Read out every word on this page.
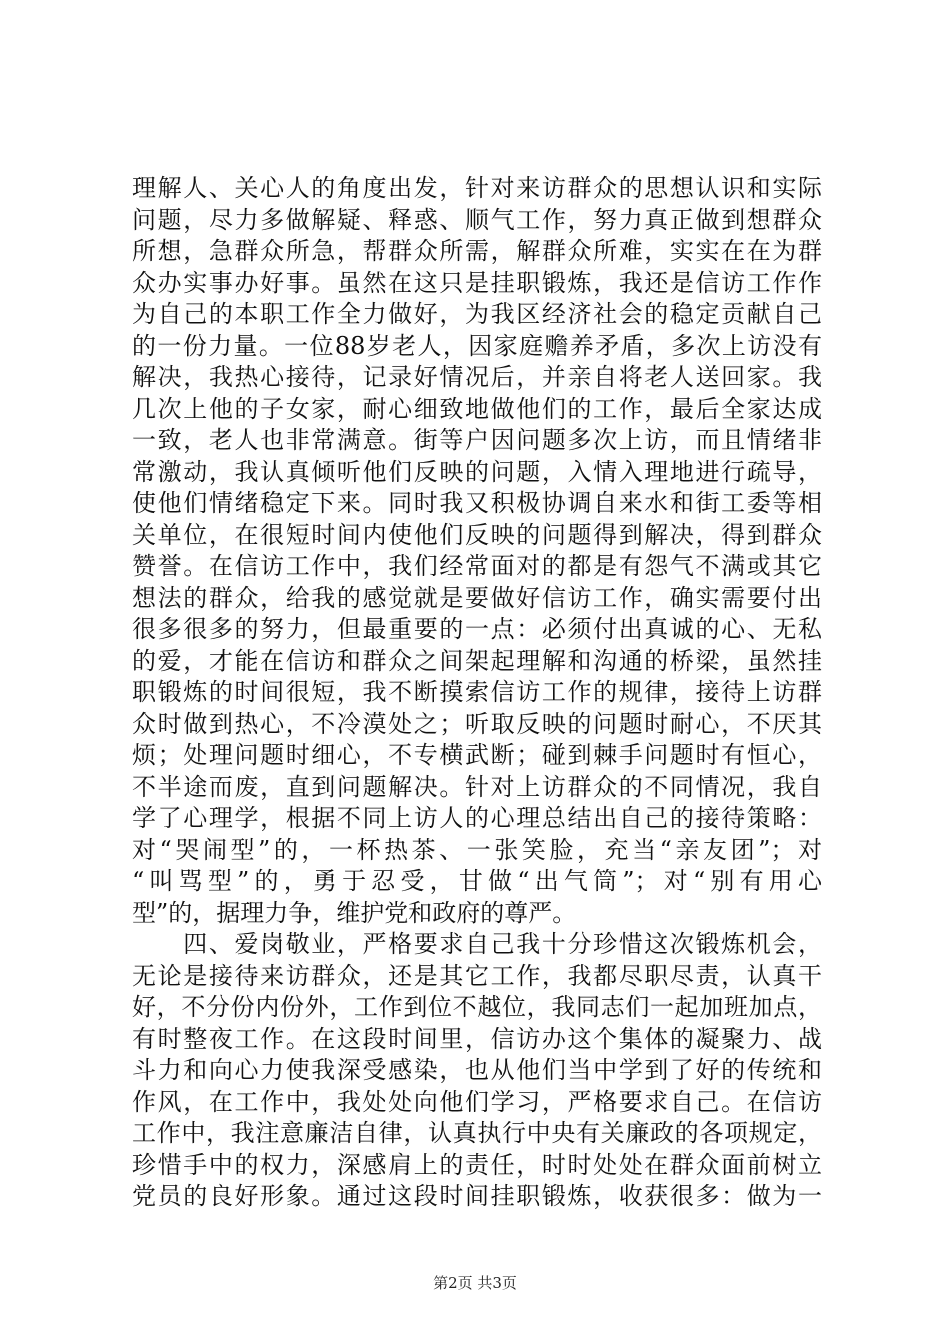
理解人、关心人的角度出发，针对来访群众的思想认识和实际
问题，尽力多做解疑、释惑、顺气工作，努力真正做到想群众
所想，急群众所急，帮群众所需，解群众所难，实实在在为群
众办实事办好事。虽然在这只是挂职锻炼，我还是信访工作作
为自己的本职工作全力做好，为我区经济社会的稳定贡献自己
的一份力量。一位88岁老人，因家庭赡养矛盾，多次上访没有
解决，我热心接待，记录好情况后，并亲自将老人送回家。我
几次上他的子女家，耐心细致地做他们的工作，最后全家达成
一致，老人也非常满意。街等户因问题多次上访，而且情绪非
常激动，我认真倾听他们反映的问题，入情入理地进行疏导，
使他们情绪稳定下来。同时我又积极协调自来水和街工委等相
关单位，在很短时间内使他们反映的问题得到解决，得到群众
赞誉。在信访工作中，我们经常面对的都是有怨气不满或其它
想法的群众，给我的感觉就是要做好信访工作，确实需要付出
很多很多的努力，但最重要的一点：必须付出真诚的心、无私
的爱，才能在信访和群众之间架起理解和沟通的桥梁，虽然挂
职锻炼的时间很短，我不断摸索信访工作的规律，接待上访群
众时做到热心，不冷漠处之；听取反映的问题时耐心，不厌其
烦；处理问题时细心，不专横武断；碰到棘手问题时有恒心，
不半途而废，直到问题解决。针对上访群众的不同情况，我自
学了心理学，根据不同上访人的心理总结出自己的接待策略：
对“哭闹型”的，一杯热茶、一张笑脸，充当“亲友团”；对
“叫骂型”的，勇于忍受，甘做“出气筒”；对“别有用心
型”的，据理力争，维护党和政府的尊严。
　　四、爱岗敬业，严格要求自己我十分珍惜这次锻炼机会，
无论是接待来访群众，还是其它工作，我都尽职尽责，认真干
好，不分份内份外，工作到位不越位，我同志们一起加班加点，
有时整夜工作。在这段时间里，信访办这个集体的凝聚力、战
斗力和向心力使我深受感染，也从他们当中学到了好的传统和
作风，在工作中，我处处向他们学习，严格要求自己。在信访
工作中，我注意廉洁自律，认真执行中央有关廉政的各项规定，
珍惜手中的权力，深感肩上的责任，时时处处在群众面前树立
党员的良好形象。通过这段时间挂职锻炼，收获很多：做为一
第2页 共3页
